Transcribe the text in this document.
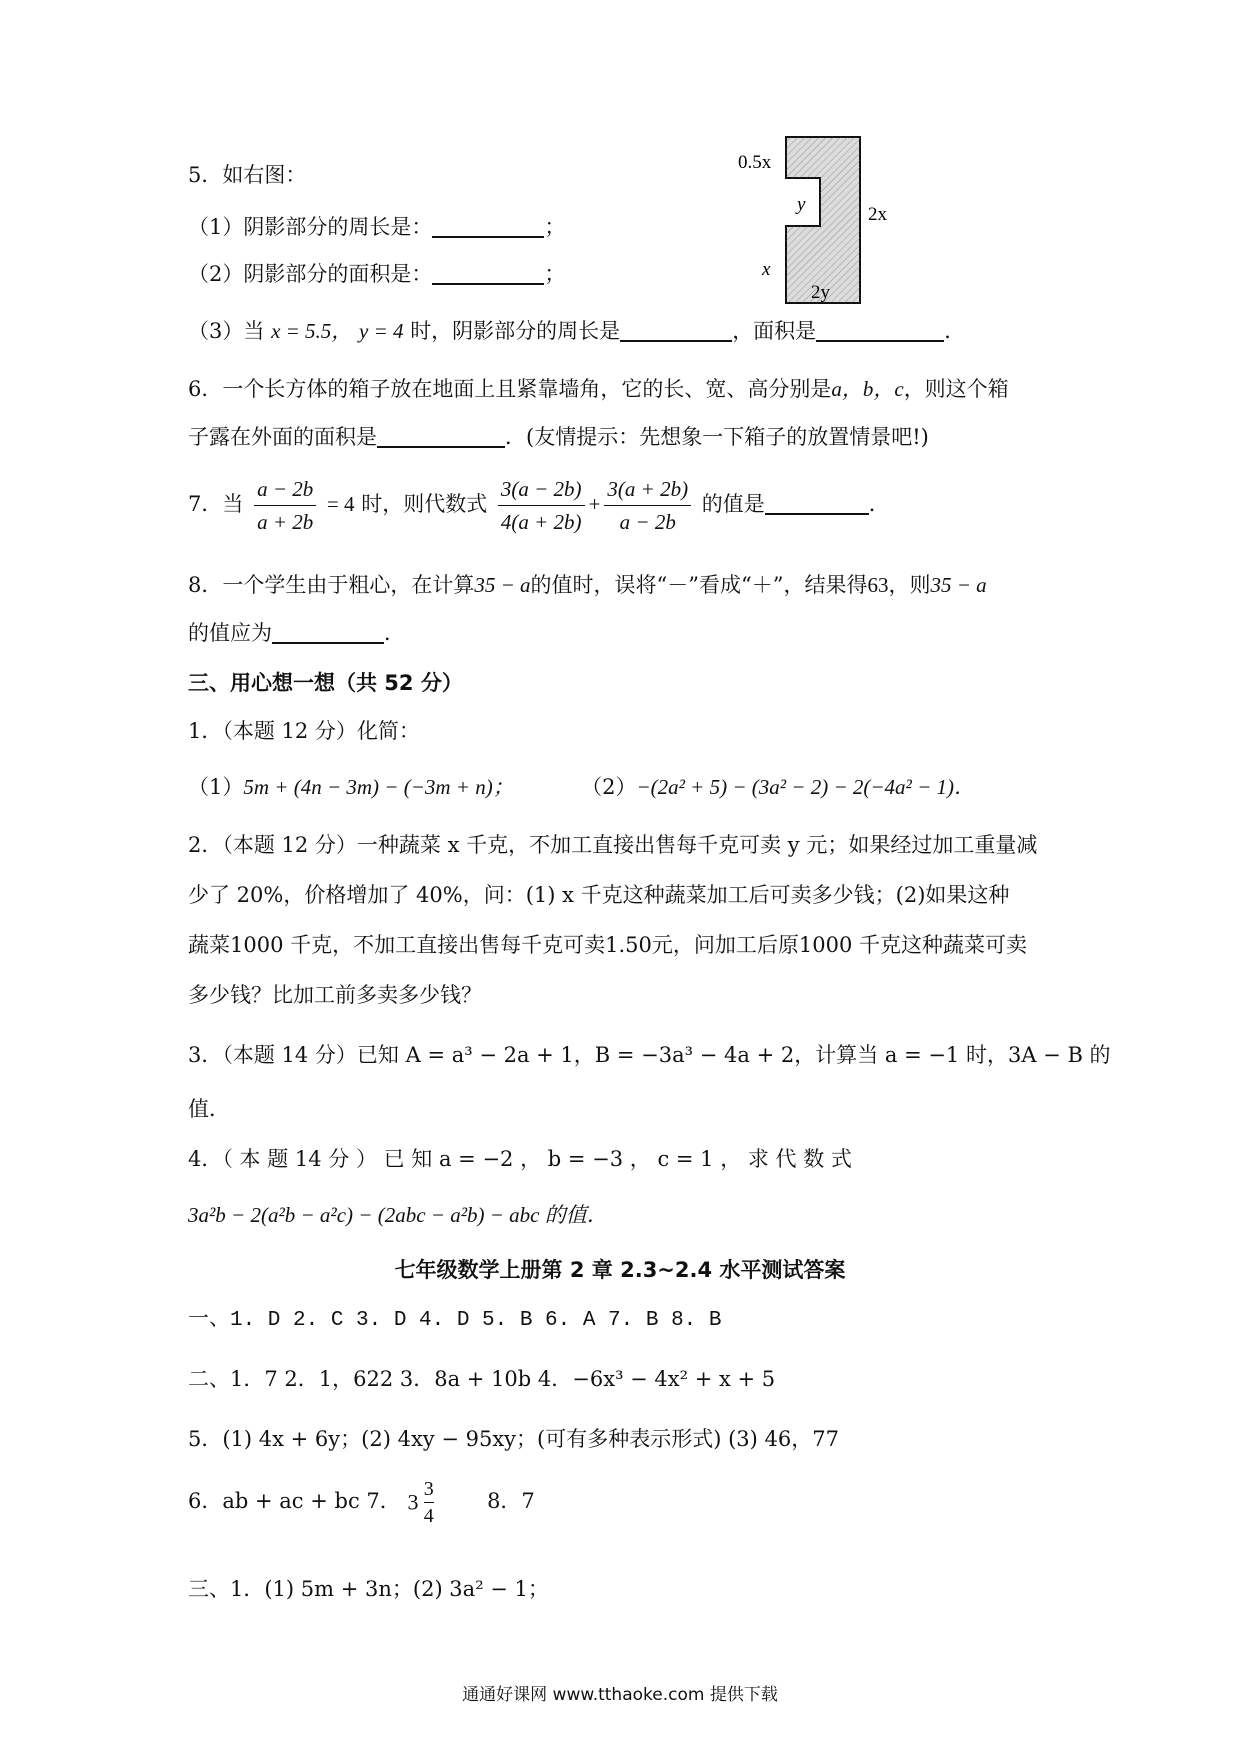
5．如右图：
（1）阴影部分的周长是：	；
（2）阴影部分的面积是：	；
（3）当 x = 5.5， y = 4 时，阴影部分的周长是	，面积是	．
0.5x
y	2x
x
2y
6．一个长方体的箱子放在地面上且紧靠墙角，它的长、宽、高分别是a，b，c，则这个箱
子露在外面的面积是	．(友情提示：先想象一下箱子的放置情景吧!)
7．当 $\frac{a - 2b}{a + 2b} = 4$ 时，则代数式 $\frac{3(a - 2b)}{4(a + 2b)} + \frac{3(a + 2b)}{a - 2b}$ 的值是	．
8．一个学生由于粗心，在计算35 − a的值时，误将“－”看成“＋”，结果得63，则35 − a
的值应为	．
三、用心想一想（共 52 分）
1．（本题 12 分）化简：
（1）5m + (4n − 3m) − (−3m + n)；	（2）−(2a² + 5) − (3a² − 2) − 2(−4a² − 1)．
2．（本题 12 分）一种蔬菜 x 千克，不加工直接出售每千克可卖 y 元；如果经过加工重量减
少了 20%，价格增加了 40%，问：(1) x 千克这种蔬菜加工后可卖多少钱；(2)如果这种
蔬菜1000 千克，不加工直接出售每千克可卖1.50元，问加工后原1000 千克这种蔬菜可卖
多少钱？比加工前多卖多少钱？
3．（本题 14 分）已知 A = a³ − 2a + 1，B = −3a³ − 4a + 2，计算当 a = −1 时，3A − B 的
值．
4．（ 本 题 14 分 ） 已 知 a = −2 ， b = −3 ， c = 1 ， 求 代 数 式
3a²b − 2(a²b − a²c) − (2abc − a²b) − abc 的值．
七年级数学上册第 2 章 2.3~2.4 水平测试答案
一、1. D 2. C 3. D 4. D 5. B 6. A 7. B 8. B
二、1．7 2．1，622 3．8a + 10b 4．−6x³ − 4x² + x + 5
5．(1) 4x + 6y；(2) 4xy − 95xy；(可有多种表示形式) (3) 46，77
6．ab + ac + bc 7． $3 \frac{3}{4}$	8．7
三、1．(1) 5m + 3n；(2) 3a² − 1；
通通好课网 www.tthaoke.com 提供下载
